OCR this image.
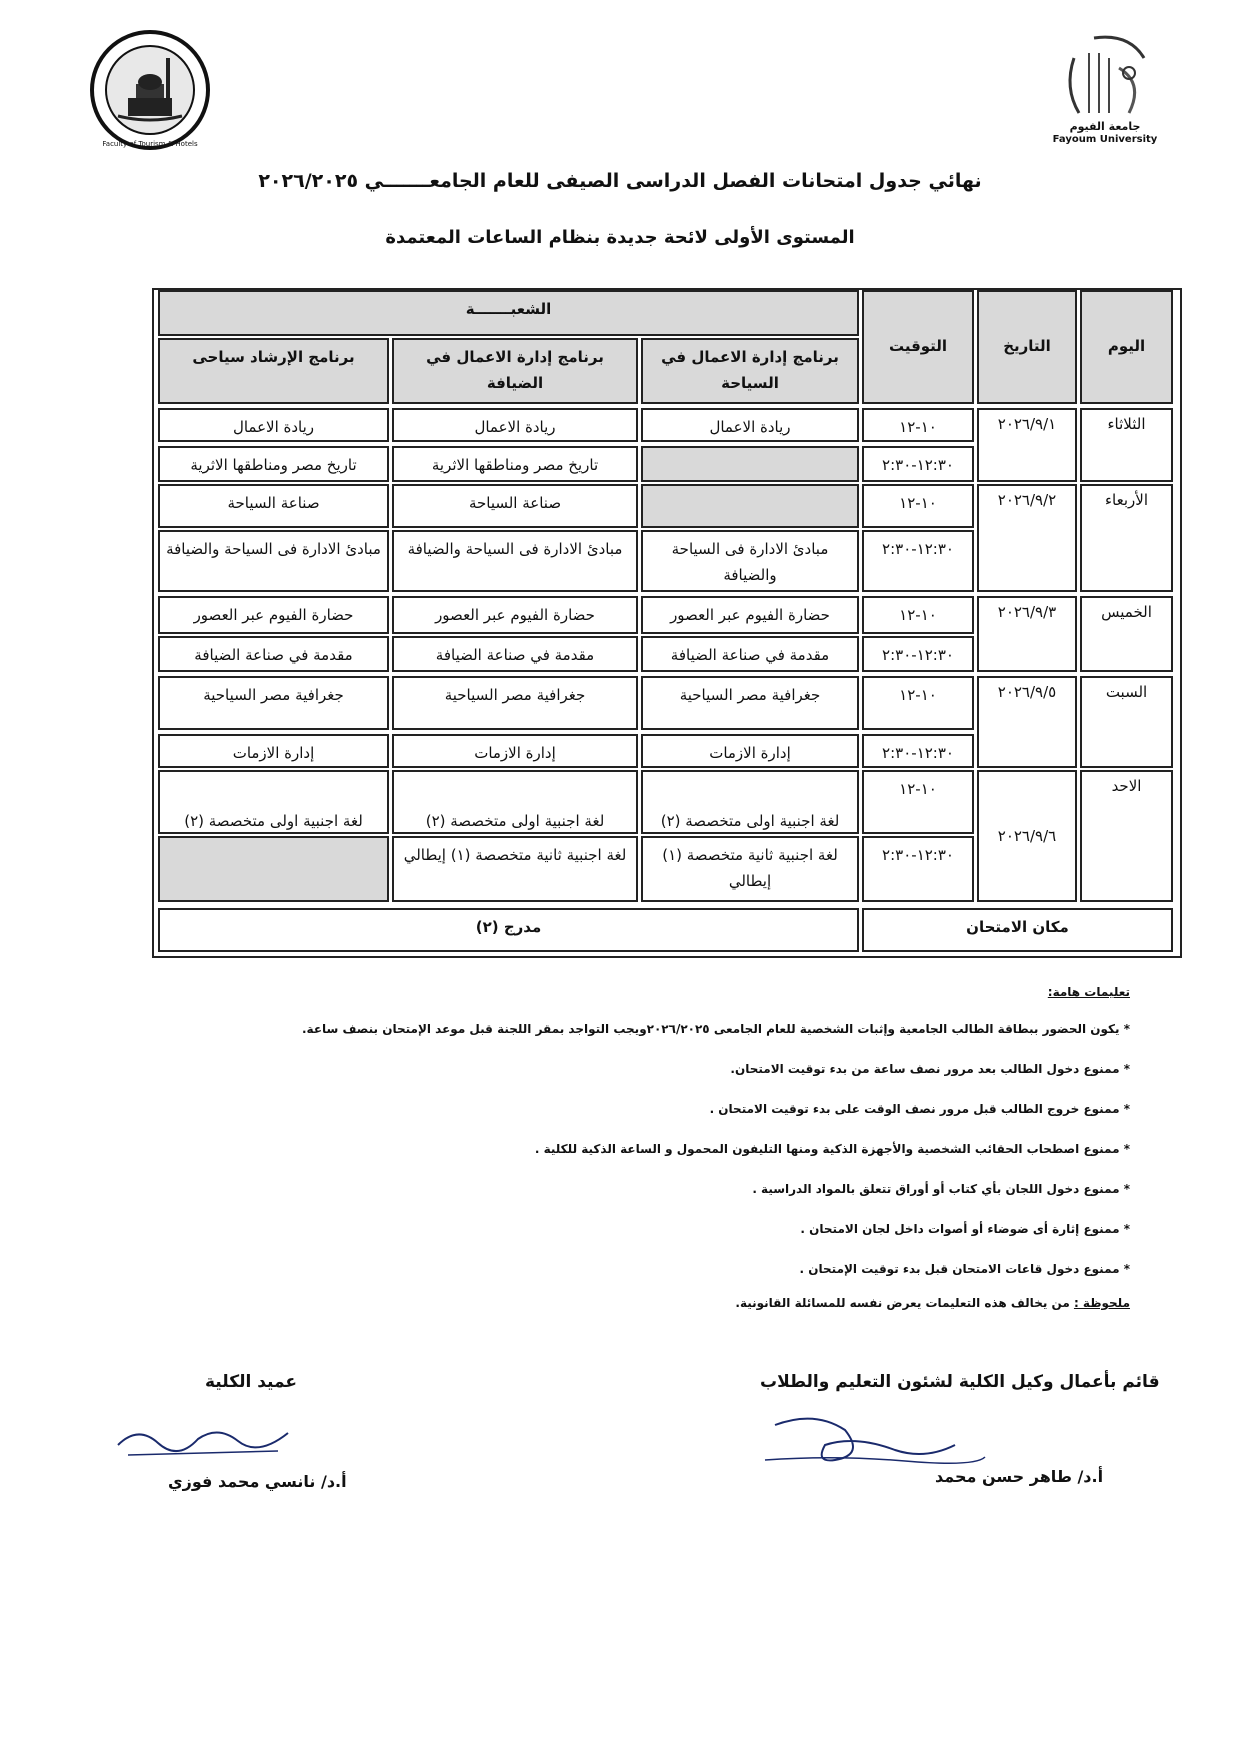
Faculty of Tourism & Hotels
جامعة الفيوم
Fayoum University
نهائي جدول امتحانات الفصل الدراسى الصيفى للعام الجامعـــــــي ٢٠٢٦/٢٠٢٥
المستوى الأولى لائحة جديدة بنظام الساعات المعتمدة
اليوم
التاريخ
التوقيت
الشعبـــــــة
برنامج إدارة الاعمال في السياحة
برنامج إدارة الاعمال في الضيافة
برنامج الإرشاد سياحى
الثلاثاء
٢٠٢٦/٩/١
الأربعاء
٢٠٢٦/٩/٢
الخميس
٢٠٢٦/٩/٣
السبت
٢٠٢٦/٩/٥
الاحد
٢٠٢٦/٩/٦
١٠-١٢
ريادة الاعمال
ريادة الاعمال
ريادة الاعمال
١٢:٣٠-٢:٣٠
تاريخ مصر ومناطقها الاثرية
تاريخ مصر ومناطقها الاثرية
١٠-١٢
صناعة السياحة
صناعة السياحة
١٢:٣٠-٢:٣٠
مبادئ الادارة فى السياحة والضيافة
مبادئ الادارة فى السياحة والضيافة
مبادئ الادارة فى السياحة والضيافة
١٠-١٢
حضارة الفيوم عبر العصور
حضارة الفيوم عبر العصور
حضارة الفيوم عبر العصور
١٢:٣٠-٢:٣٠
مقدمة في صناعة الضيافة
مقدمة في صناعة الضيافة
مقدمة في صناعة الضيافة
١٠-١٢
جغرافية مصر السياحية
جغرافية مصر السياحية
جغرافية مصر السياحية
١٢:٣٠-٢:٣٠
إدارة الازمات
إدارة الازمات
إدارة الازمات
١٠-١٢
لغة اجنبية اولى متخصصة (٢)
لغة اجنبية اولى متخصصة (٢)
لغة اجنبية اولى متخصصة (٢)
١٢:٣٠-٢:٣٠
لغة اجنبية ثانية متخصصة (١) إيطالي
لغة اجنبية ثانية متخصصة (١) إيطالي
مكان الامتحان
مدرج (٢)
تعليمات هامة:
* يكون الحضور ببطاقة الطالب الجامعية وإثبات الشخصية للعام الجامعى ٢٠٢٦/٢٠٢٥ويجب التواجد بمقر اللجنة قبل موعد الإمتحان بنصف ساعة.
* ممنوع دخول الطالب بعد مرور نصف ساعة من بدء توقيت الامتحان.
* ممنوع خروج الطالب قبل مرور نصف الوقت على بدء توقيت الامتحان .
* ممنوع اصطحاب الحقائب الشخصية والأجهزة الذكية ومنها التليفون المحمول و الساعة الذكية للكلية .
* ممنوع دخول اللجان بأي كتاب أو أوراق تتعلق بالمواد الدراسية .
* ممنوع إثارة أى ضوضاء أو أصوات داخل لجان الامتحان .
* ممنوع دخول قاعات الامتحان قبل بدء توقيت الإمتحان .
ملحوظة : من يخالف هذه التعليمات يعرض نفسه للمسائلة القانونية.
عميد الكلية
أ.د/ نانسي محمد فوزي
قائم بأعمال وكيل الكلية لشئون التعليم والطلاب
أ.د/ طاهر حسن محمد
